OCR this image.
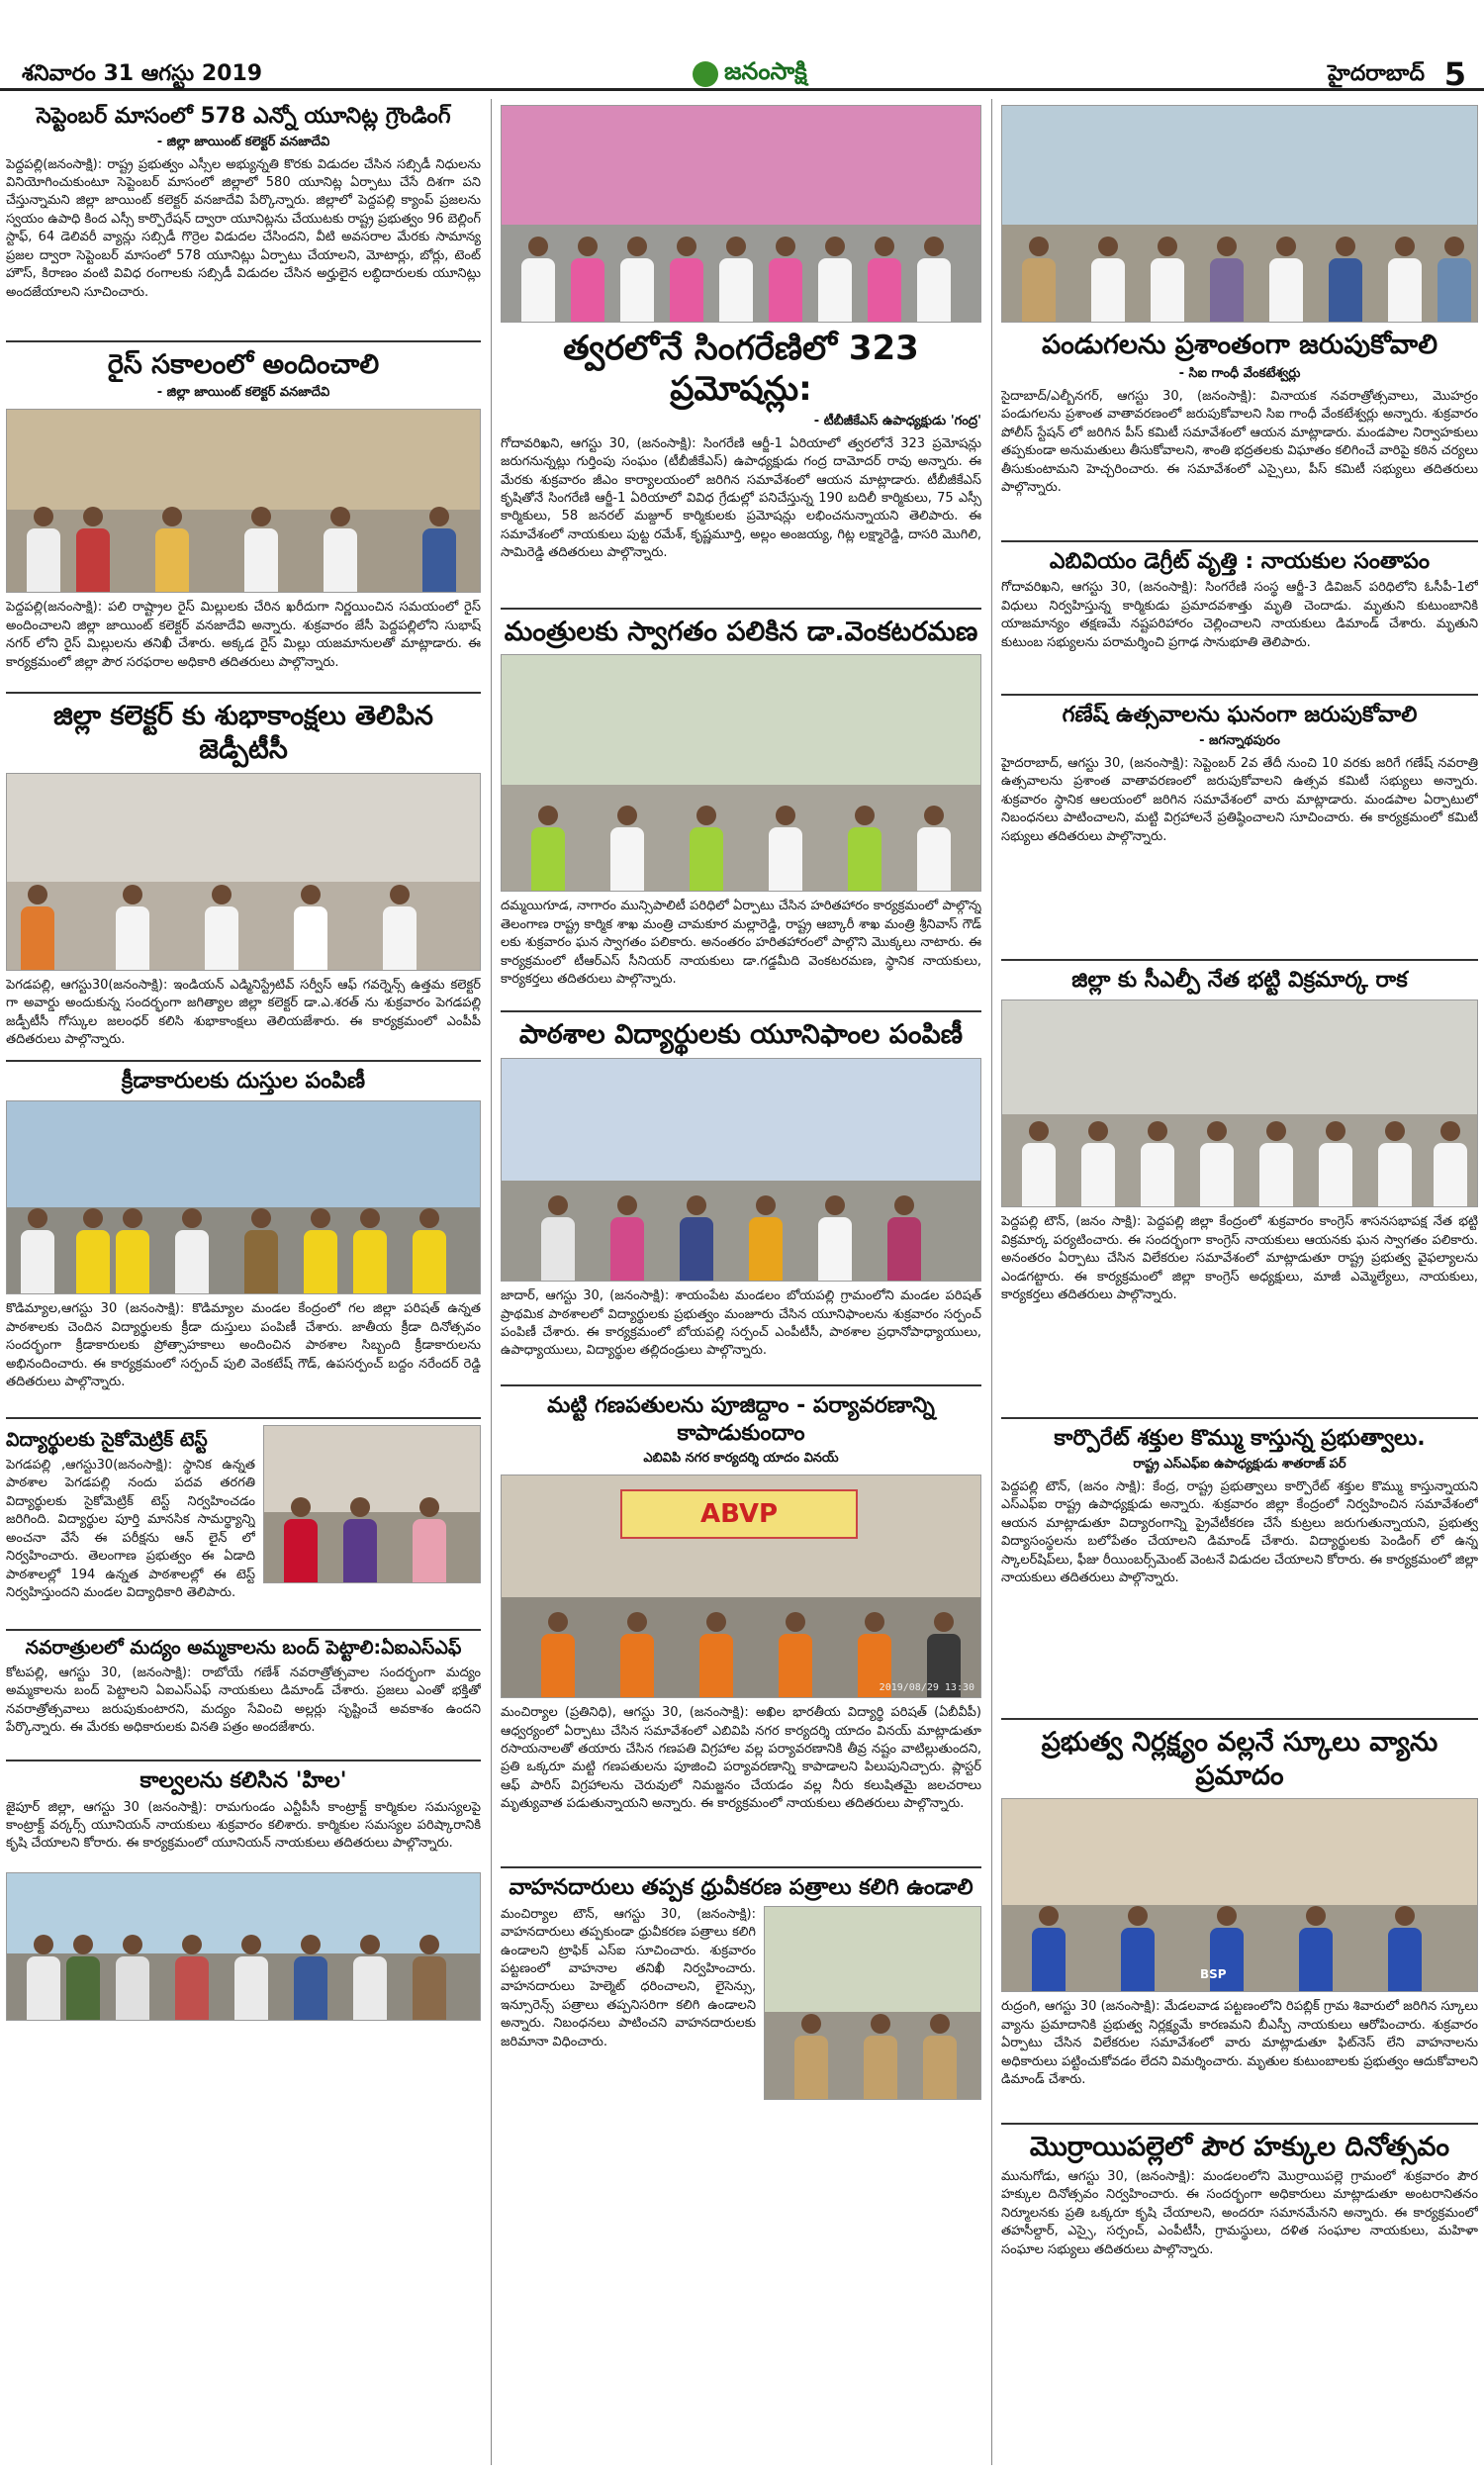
శనివారం 31 ఆగస్టు 2019	జనంసాక్షి	హైదరాబాద్ 5
సెప్టెంబర్ మాసంలో 578 ఎన్నో యూనిట్ల గ్రౌండింగ్
- జిల్లా జాయింట్ కలెక్టర్ వనజాదేవి
పెద్దపల్లి(జనంసాక్షి): రాష్ట్ర ప్రభుత్వం ఎస్సీల అభ్యున్నతి కొరకు విడుదల చేసిన సబ్సిడీ నిధులను వినియోగించుకుంటూ సెప్టెంబర్ మాసంలో జిల్లాలో 580 యూనిట్ల ఏర్పాటు చేసే దిశగా పని చేస్తున్నామని జిల్లా జాయింట్ కలెక్టర్ వనజాదేవి పేర్కొన్నారు. జిల్లాలో పెద్దపల్లి క్యాంప్ ప్రజలను స్వయం ఉపాధి కింద ఎస్సీ కార్పొరేషన్ ద్వారా యూనిట్లను చేయుటకు రాష్ట్ర ప్రభుత్వం 96 బెల్లింగ్ స్టాఫ్, 64 డెలివరీ వ్యాన్లు సబ్సిడీ గొర్రెల విడుదల చేసిందని, వీటి అవసరాల మేరకు సామాన్య ప్రజల ద్వారా సెప్టెంబర్ మాసంలో 578 యూనిట్లు ఏర్పాటు చేయాలని, మోటార్లు, బోర్లు, టెంట్ హౌస్, కిరాణం వంటి వివిధ రంగాలకు సబ్సిడీ విడుదల చేసిన అర్హులైన లబ్ధిదారులకు యూనిట్లు అందజేయాలని సూచించారు.
రైస్ సకాలంలో అందించాలి
- జిల్లా జాయింట్ కలెక్టర్ వనజాదేవి
పెద్దపల్లి(జనంసాక్షి): పలి రాష్ట్రాల రైస్ మిల్లులకు చేరిన ఖరీదుగా నిర్ణయించిన సమయంలో రైస్ అందించాలని జిల్లా జాయింట్ కలెక్టర్ వనజాదేవి అన్నారు. శుక్రవారం జేసీ పెద్దపల్లిలోని సుభాష్ నగర్ లోని రైస్ మిల్లులను తనిఖీ చేశారు. అక్కడ రైస్ మిల్లు యజమానులతో మాట్లాడారు. ఈ కార్యక్రమంలో జిల్లా పౌర సరఫరాల అధికారి తదితరులు పాల్గొన్నారు.
జిల్లా కలెక్టర్ కు శుభాకాంక్షలు తెలిపిన జెడ్పీటీసీ
పెగడపల్లి, ఆగస్టు30(జనంసాక్షి): ఇండియన్ ఎడ్మినిస్ట్రేటివ్ సర్వీస్ ఆఫ్ గవర్నెన్స్ ఉత్తమ కలెక్టర్ గా అవార్డు అందుకున్న సందర్భంగా జగిత్యాల జిల్లా కలెక్టర్ డా.ఎ.శరత్ ను శుక్రవారం పెగడపల్లి జడ్పీటీసీ గోస్కుల జలంధర్ కలిసి శుభాకాంక్షలు తెలియజేశారు. ఈ కార్యక్రమంలో ఎంపీపీ తదితరులు పాల్గొన్నారు.
క్రీడాకారులకు దుస్తుల పంపిణీ
కొడిమ్యాల,ఆగస్టు 30 (జనంసాక్షి): కొడిమ్యాల మండల కేంద్రంలో గల జిల్లా పరిషత్ ఉన్నత పాఠశాలకు చెందిన విద్యార్థులకు క్రీడా దుస్తులు పంపిణీ చేశారు. జాతీయ క్రీడా దినోత్సవం సందర్భంగా క్రీడాకారులకు ప్రోత్సాహకాలు అందించిన పాఠశాల సిబ్బంది క్రీడాకారులను అభినందించారు. ఈ కార్యక్రమంలో సర్పంచ్ పులి వెంకటేష్ గౌడ్, ఉపసర్పంచ్ బద్దం నరేందర్ రెడ్డి తదితరులు పాల్గొన్నారు.
విద్యార్థులకు సైకోమెట్రిక్ టెస్ట్
పెగడపల్లి ,ఆగస్టు30(జనంసాక్షి): స్థానిక ఉన్నత పాఠశాల పెగడపల్లి నందు పదవ తరగతి విద్యార్థులకు సైకోమెట్రిక్ టెస్ట్ నిర్వహించడం జరిగింది. విద్యార్థుల పూర్తి మానసిక సామర్థ్యాన్ని అంచనా వేసే ఈ పరీక్షను ఆన్ లైన్ లో నిర్వహించారు. తెలంగాణ ప్రభుత్వం ఈ ఏడాది పాఠశాలల్లో 194 ఉన్నత పాఠశాలల్లో ఈ టెస్ట్ నిర్వహిస్తుందని మండల విద్యాధికారి తెలిపారు.
నవరాత్రులలో మద్యం అమ్మకాలను బంద్ పెట్టాలి:ఏఐఎస్ఎఫ్
కోటపల్లి, ఆగస్టు 30, (జనంసాక్షి): రాబోయే గణేశ్ నవరాత్రోత్సవాల సందర్భంగా మద్యం అమ్మకాలను బంద్ పెట్టాలని ఏఐఎస్ఎఫ్ నాయకులు డిమాండ్ చేశారు. ప్రజలు ఎంతో భక్తితో నవరాత్రోత్సవాలు జరుపుకుంటారని, మద్యం సేవించి అల్లర్లు సృష్టించే అవకాశం ఉందని పేర్కొన్నారు. ఈ మేరకు అధికారులకు వినతి పత్రం అందజేశారు.
కాల్వలను కలిసిన 'హిల'
జైపూర్ జిల్లా, ఆగస్టు 30 (జనంసాక్షి): రామగుండం ఎన్టీపీసీ కాంట్రాక్ట్ కార్మికుల సమస్యలపై కాంట్రాక్ట్ వర్కర్స్ యూనియన్ నాయకులు శుక్రవారం కలిశారు. కార్మికుల సమస్యల పరిష్కారానికి కృషి చేయాలని కోరారు. ఈ కార్యక్రమంలో యూనియన్ నాయకులు తదితరులు పాల్గొన్నారు.
త్వరలోనే సింగరేణిలో 323 ప్రమోషన్లు:
- టీబీజీకేఎస్ ఉపాధ్యక్షుడు 'గంద్ర'
గోదావరిఖని, ఆగస్టు 30, (జనంసాక్షి): సింగరేణి ఆర్జీ-1 ఏరియాలో త్వరలోనే 323 ప్రమోషన్లు జరుగనున్నట్లు గుర్తింపు సంఘం (టీబీజీకేఎస్) ఉపాధ్యక్షుడు గంద్ర దామోదర్ రావు అన్నారు. ఈ మేరకు శుక్రవారం జీఎం కార్యాలయంలో జరిగిన సమావేశంలో ఆయన మాట్లాడారు. టీబీజీకేఎస్ కృషితోనే సింగరేణి ఆర్జీ-1 ఏరియాలో వివిధ గ్రేడుల్లో పనిచేస్తున్న 190 బదిలీ కార్మికులు, 75 ఎస్సీ కార్మికులు, 58 జనరల్ మజ్దూర్ కార్మికులకు ప్రమోషన్లు లభించనున్నాయని తెలిపారు. ఈ సమావేశంలో నాయకులు పుట్ట రమేశ్, కృష్ణమూర్తి, అల్లం అంజయ్య, గిట్ల లక్ష్మారెడ్డి, దాసరి మొగిలి, సామిరెడ్డి తదితరులు పాల్గొన్నారు.
మంత్రులకు స్వాగతం పలికిన డా.వెంకటరమణ
దమ్మయిగూడ, నాగారం మున్సిపాలిటీ పరిధిలో ఏర్పాటు చేసిన హరితహారం కార్యక్రమంలో పాల్గొన్న తెలంగాణ రాష్ట్ర కార్మిక శాఖ మంత్రి చామకూర మల్లారెడ్డి, రాష్ట్ర ఆబ్కారీ శాఖ మంత్రి శ్రీనివాస్ గౌడ్ లకు శుక్రవారం ఘన స్వాగతం పలికారు. అనంతరం హరితహారంలో పాల్గొని మొక్కలు నాటారు. ఈ కార్యక్రమంలో టీఆర్ఎస్ సీనియర్ నాయకులు డా.గడ్డమీది వెంకటరమణ, స్థానిక నాయకులు, కార్యకర్తలు తదితరులు పాల్గొన్నారు.
పాఠశాల విద్యార్థులకు యూనిఫాంల పంపిణీ
జాదార్, ఆగస్టు 30, (జనంసాక్షి): శాయంపేట మండలం బోయపల్లి గ్రామంలోని మండల పరిషత్ ప్రాథమిక పాఠశాలలో విద్యార్థులకు ప్రభుత్వం మంజూరు చేసిన యూనిఫాంలను శుక్రవారం సర్పంచ్ పంపిణీ చేశారు. ఈ కార్యక్రమంలో బోయపల్లి సర్పంచ్ ఎంపీటీసీ, పాఠశాల ప్రధానోపాధ్యాయులు, ఉపాధ్యాయులు, విద్యార్థుల తల్లిదండ్రులు పాల్గొన్నారు.
మట్టి గణపతులను పూజిద్దాం - పర్యావరణాన్ని కాపాడుకుందాం
ఎబివిపి నగర కార్యదర్శి యాదం వినయ్
ABVP
2019/08/29 13:30
మంచిర్యాల (ప్రతినిధి), ఆగస్టు 30, (జనంసాక్షి): అఖిల భారతీయ విద్యార్థి పరిషత్ (ఏబీవీపీ) ఆధ్వర్యంలో ఏర్పాటు చేసిన సమావేశంలో ఎబివిపి నగర కార్యదర్శి యాదం వినయ్ మాట్లాడుతూ రసాయనాలతో తయారు చేసిన గణపతి విగ్రహాల వల్ల పర్యావరణానికి తీవ్ర నష్టం వాటిల్లుతుందని, ప్రతి ఒక్కరూ మట్టి గణపతులను పూజించి పర్యావరణాన్ని కాపాడాలని పిలుపునిచ్చారు. ప్లాస్టర్ ఆఫ్ పారిస్ విగ్రహాలను చెరువులో నిమజ్జనం చేయడం వల్ల నీరు కలుషితమై జలచరాలు మృత్యువాత పడుతున్నాయని అన్నారు. ఈ కార్యక్రమంలో నాయకులు తదితరులు పాల్గొన్నారు.
వాహనదారులు తప్పక ధ్రువీకరణ పత్రాలు కలిగి ఉండాలి
మంచిర్యాల టౌన్, ఆగస్టు 30, (జనంసాక్షి): వాహనదారులు తప్పకుండా ధ్రువీకరణ పత్రాలు కలిగి ఉండాలని ట్రాఫిక్ ఎస్ఐ సూచించారు. శుక్రవారం పట్టణంలో వాహనాల తనిఖీ నిర్వహించారు. వాహనదారులు హెల్మెట్ ధరించాలని, లైసెన్సు, ఇన్సూరెన్స్ పత్రాలు తప్పనిసరిగా కలిగి ఉండాలని అన్నారు. నిబంధనలు పాటించని వాహనదారులకు జరిమానా విధించారు.
పండుగలను ప్రశాంతంగా జరుపుకోవాలి
- సిఐ గాంధీ వేంకటేశ్వర్లు
సైదాబాద్/ఎల్బీనగర్, ఆగస్టు 30, (జనంసాక్షి): వినాయక నవరాత్రోత్సవాలు, మొహర్రం పండుగలను ప్రశాంత వాతావరణంలో జరుపుకోవాలని సిఐ గాంధీ వేంకటేశ్వర్లు అన్నారు. శుక్రవారం పోలీస్ స్టేషన్ లో జరిగిన పీస్ కమిటీ సమావేశంలో ఆయన మాట్లాడారు. మండపాల నిర్వాహకులు తప్పకుండా అనుమతులు తీసుకోవాలని, శాంతి భద్రతలకు విఘాతం కలిగించే వారిపై కఠిన చర్యలు తీసుకుంటామని హెచ్చరించారు. ఈ సమావేశంలో ఎస్సైలు, పీస్ కమిటీ సభ్యులు తదితరులు పాల్గొన్నారు.
ఎబివియం డెగ్రీట్ వృత్తి : నాయకుల సంతాపం
గోదావరిఖని, ఆగస్టు 30, (జనంసాక్షి): సింగరేణి సంస్థ ఆర్జీ-3 డివిజన్ పరిధిలోని ఓసీపీ-1లో విధులు నిర్వహిస్తున్న కార్మికుడు ప్రమాదవశాత్తు మృతి చెందాడు. మృతుని కుటుంబానికి యాజమాన్యం తక్షణమే నష్టపరిహారం చెల్లించాలని నాయకులు డిమాండ్ చేశారు. మృతుని కుటుంబ సభ్యులను పరామర్శించి ప్రగాఢ సానుభూతి తెలిపారు.
గణేష్ ఉత్సవాలను ఘనంగా జరుపుకోవాలి
- జగన్నాథపురం
హైదరాబాద్, ఆగస్టు 30, (జనంసాక్షి): సెప్టెంబర్ 2వ తేదీ నుంచి 10 వరకు జరిగే గణేష్ నవరాత్రి ఉత్సవాలను ప్రశాంత వాతావరణంలో జరుపుకోవాలని ఉత్సవ కమిటీ సభ్యులు అన్నారు. శుక్రవారం స్థానిక ఆలయంలో జరిగిన సమావేశంలో వారు మాట్లాడారు. మండపాల ఏర్పాటులో నిబంధనలు పాటించాలని, మట్టి విగ్రహాలనే ప్రతిష్ఠించాలని సూచించారు. ఈ కార్యక్రమంలో కమిటీ సభ్యులు తదితరులు పాల్గొన్నారు.
జిల్లా కు సీఎల్పీ నేత భట్టి విక్రమార్క రాక
పెద్దపల్లి టౌన్, (జనం సాక్షి): పెద్దపల్లి జిల్లా కేంద్రంలో శుక్రవారం కాంగ్రెస్ శాసనసభాపక్ష నేత భట్టి విక్రమార్క పర్యటించారు. ఈ సందర్భంగా కాంగ్రెస్ నాయకులు ఆయనకు ఘన స్వాగతం పలికారు. అనంతరం ఏర్పాటు చేసిన విలేకరుల సమావేశంలో మాట్లాడుతూ రాష్ట్ర ప్రభుత్వ వైఫల్యాలను ఎండగట్టారు. ఈ కార్యక్రమంలో జిల్లా కాంగ్రెస్ అధ్యక్షులు, మాజీ ఎమ్మెల్యేలు, నాయకులు, కార్యకర్తలు తదితరులు పాల్గొన్నారు.
కార్పొరేట్ శక్తుల కొమ్ము కాస్తున్న ప్రభుత్వాలు.
రాష్ట్ర ఎస్ఎఫ్ఐ ఉపాధ్యక్షుడు శాతరాజ్ పర్
పెద్దపల్లి టౌన్, (జనం సాక్షి): కేంద్ర, రాష్ట్ర ప్రభుత్వాలు కార్పొరేట్ శక్తుల కొమ్ము కాస్తున్నాయని ఎస్ఎఫ్ఐ రాష్ట్ర ఉపాధ్యక్షుడు అన్నారు. శుక్రవారం జిల్లా కేంద్రంలో నిర్వహించిన సమావేశంలో ఆయన మాట్లాడుతూ విద్యారంగాన్ని ప్రైవేటీకరణ చేసే కుట్రలు జరుగుతున్నాయని, ప్రభుత్వ విద్యాసంస్థలను బలోపేతం చేయాలని డిమాండ్ చేశారు. విద్యార్థులకు పెండింగ్ లో ఉన్న స్కాలర్‌షిప్‌లు, ఫీజు రీయింబర్స్‌మెంట్ వెంటనే విడుదల చేయాలని కోరారు. ఈ కార్యక్రమంలో జిల్లా నాయకులు తదితరులు పాల్గొన్నారు.
ప్రభుత్వ నిర్లక్ష్యం వల్లనే స్కూలు వ్యాను ప్రమాదం
BSP
రుద్రంగి, ఆగస్టు 30 (జనంసాక్షి): మేడలవాడ పట్టణంలోని రిపబ్లిక్ గ్రామ శివారులో జరిగిన స్కూలు వ్యాను ప్రమాదానికి ప్రభుత్వ నిర్లక్ష్యమే కారణమని బీఎస్పీ నాయకులు ఆరోపించారు. శుక్రవారం ఏర్పాటు చేసిన విలేకరుల సమావేశంలో వారు మాట్లాడుతూ ఫిట్‌నెస్ లేని వాహనాలను అధికారులు పట్టించుకోవడం లేదని విమర్శించారు. మృతుల కుటుంబాలకు ప్రభుత్వం ఆదుకోవాలని డిమాండ్ చేశారు.
మొర్రాయిపల్లెలో పౌర హక్కుల దినోత్సవం
మునుగోడు, ఆగస్టు 30, (జనంసాక్షి): మండలంలోని మొర్రాయిపల్లె గ్రామంలో శుక్రవారం పౌర హక్కుల దినోత్సవం నిర్వహించారు. ఈ సందర్భంగా అధికారులు మాట్లాడుతూ అంటరానితనం నిర్మూలనకు ప్రతి ఒక్కరూ కృషి చేయాలని, అందరూ సమానమేనని అన్నారు. ఈ కార్యక్రమంలో తహసీల్దార్, ఎస్సై, సర్పంచ్, ఎంపీటీసీ, గ్రామస్థులు, దళిత సంఘాల నాయకులు, మహిళా సంఘాల సభ్యులు తదితరులు పాల్గొన్నారు.
